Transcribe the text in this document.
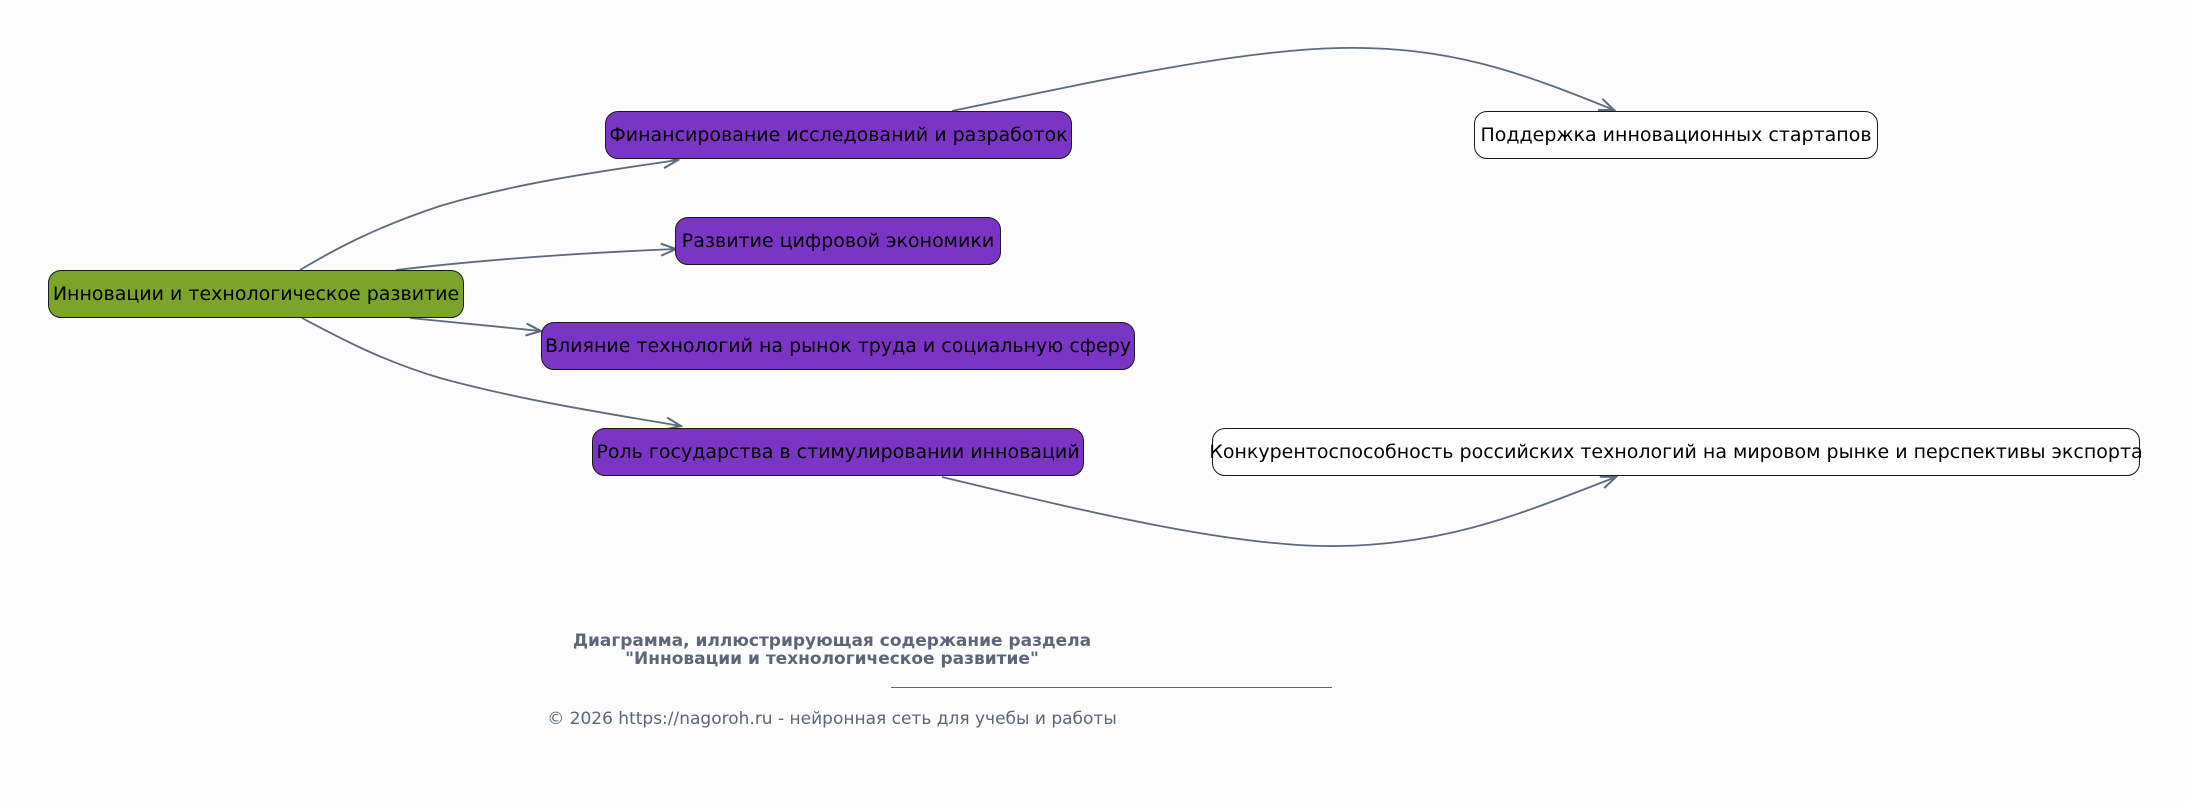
Инновации и технологическое развитие
Финансирование исследований и разработок
Развитие цифровой экономики
Влияние технологий на рынок труда и социальную сферу
Роль государства в стимулировании инноваций
Поддержка инновационных стартапов
Конкурентоспособность российских технологий на мировом рынке и перспективы экспорта
Диаграмма, иллюстрирующая содержание раздела
"Инновации и технологическое развитие"
© 2026 https://nagoroh.ru - нейронная сеть для учебы и работы
